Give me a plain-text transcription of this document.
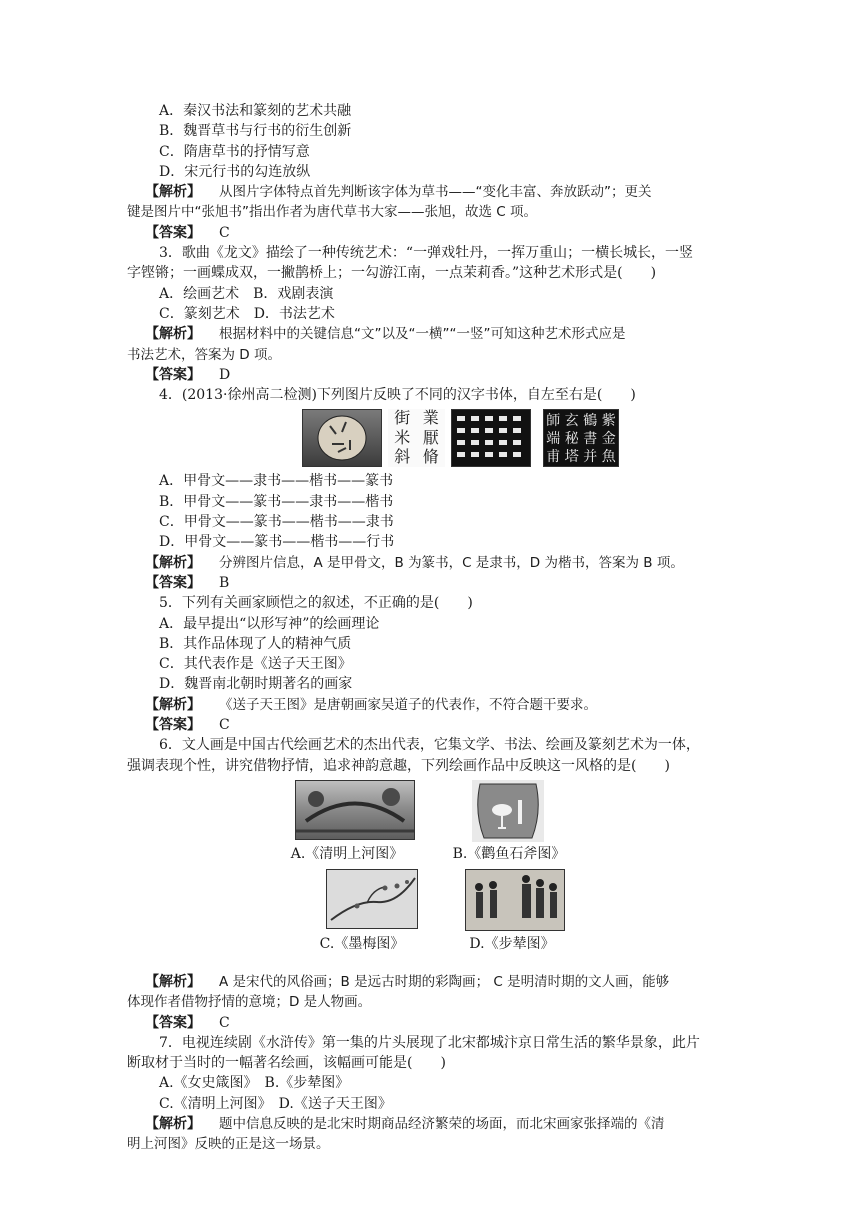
A．秦汉书法和篆刻的艺术共融
B．魏晋草书与行书的衍生创新
C．隋唐草书的抒情写意
D．宋元行书的勾连放纵
【解析】 从图片字体特点首先判断该字体为草书——“变化丰富、奔放跃动”；更关
键是图片中“张旭书”指出作者为唐代草书大家——张旭，故选 C 项。
【答案】 C
3．歌曲《龙文》描绘了一种传统艺术：“一弹戏牡丹，一挥万重山；一横长城长，一竖
字铿锵；一画蝶成双，一撇鹊桥上；一勾游江南，一点茉莉香。”这种艺术形式是(　　)
A．绘画艺术　B．戏剧表演
C．篆刻艺术　D．书法艺术
【解析】 根据材料中的关键信息“文”以及“一横”“一竖”可知这种艺术形式应是
书法艺术，答案为 D 项。
【答案】 D
4．(2013·徐州高二检测)下列图片反映了不同的汉字书体，自左至右是(　　)
街 業
米 厭
斜 脩
師 玄 鶴 紫
端 秘 書 金
甫 塔 并 魚
A．甲骨文——隶书——楷书——篆书
B．甲骨文——篆书——隶书——楷书
C．甲骨文——篆书——楷书——隶书
D．甲骨文——篆书——楷书——行书
【解析】 分辨图片信息，A 是甲骨文，B 为篆书，C 是隶书，D 为楷书，答案为 B 项。
【答案】 B
5．下列有关画家顾恺之的叙述，不正确的是(　　)
A．最早提出“以形写神”的绘画理论
B．其作品体现了人的精神气质
C．其代表作是《送子天王图》
D．魏晋南北朝时期著名的画家
【解析】 《送子天王图》是唐朝画家吴道子的代表作，不符合题干要求。
【答案】 C
6．文人画是中国古代绘画艺术的杰出代表，它集文学、书法、绘画及篆刻艺术为一体，
强调表现个性，讲究借物抒情，追求神韵意趣，下列绘画作品中反映这一风格的是(　　)
A.《清明上河图》	B.《鹳鱼石斧图》
C.《墨梅图》	D.《步辇图》
【解析】 A 是宋代的风俗画；B 是远古时期的彩陶画； C 是明清时期的文人画，能够
体现作者借物抒情的意境；D 是人物画。
【答案】 C
7．电视连续剧《水浒传》第一集的片头展现了北宋都城汴京日常生活的繁华景象，此片
断取材于当时的一幅著名绘画，该幅画可能是(　　)
A.《女史箴图》　B.《步辇图》
C.《清明上河图》　D.《送子天王图》
【解析】 题中信息反映的是北宋时期商品经济繁荣的场面，而北宋画家张择端的《清
明上河图》反映的正是这一场景。
